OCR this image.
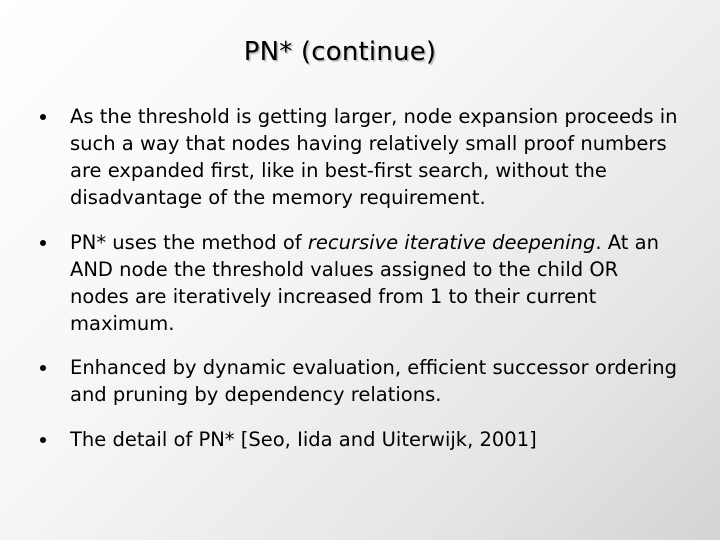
PN* (continue)
As the threshold is getting larger, node expansion proceeds in such a way that nodes having relatively small proof numbers are expanded first, like in best-first search, without the disadvantage of the memory requirement.
PN* uses the method of recursive iterative deepening. At an AND node the threshold values assigned to the child OR nodes are iteratively increased from 1 to their current maximum.
Enhanced by dynamic evaluation, efficient successor ordering and pruning by dependency relations.
The detail of PN* [Seo, Iida and Uiterwijk, 2001]
